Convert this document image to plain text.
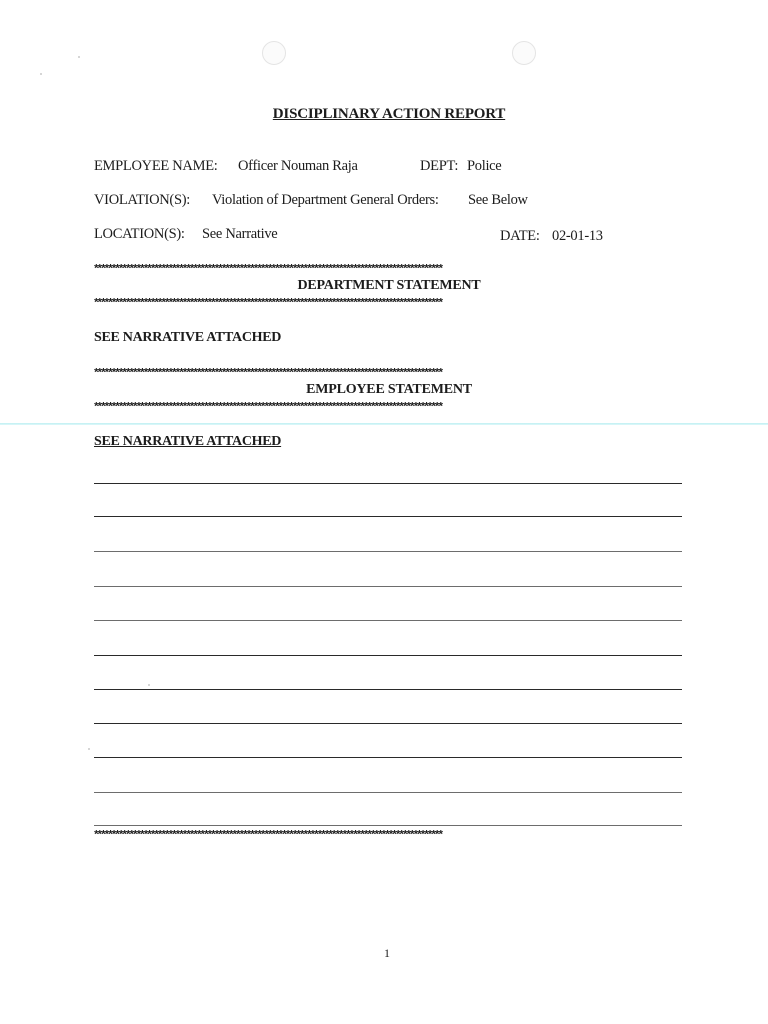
DISCIPLINARY ACTION REPORT
EMPLOYEE NAME: Officer Nouman Raja	DEPT: Police
VIOLATION(S): Violation of Department General Orders: See Below
LOCATION(S): See Narrative	DATE: 02-01-13
**************************************************************************************************
DEPARTMENT STATEMENT
**************************************************************************************************
SEE NARRATIVE ATTACHED
**************************************************************************************************
EMPLOYEE STATEMENT
**************************************************************************************************
SEE NARRATIVE ATTACHED
**************************************************************************************************
1
